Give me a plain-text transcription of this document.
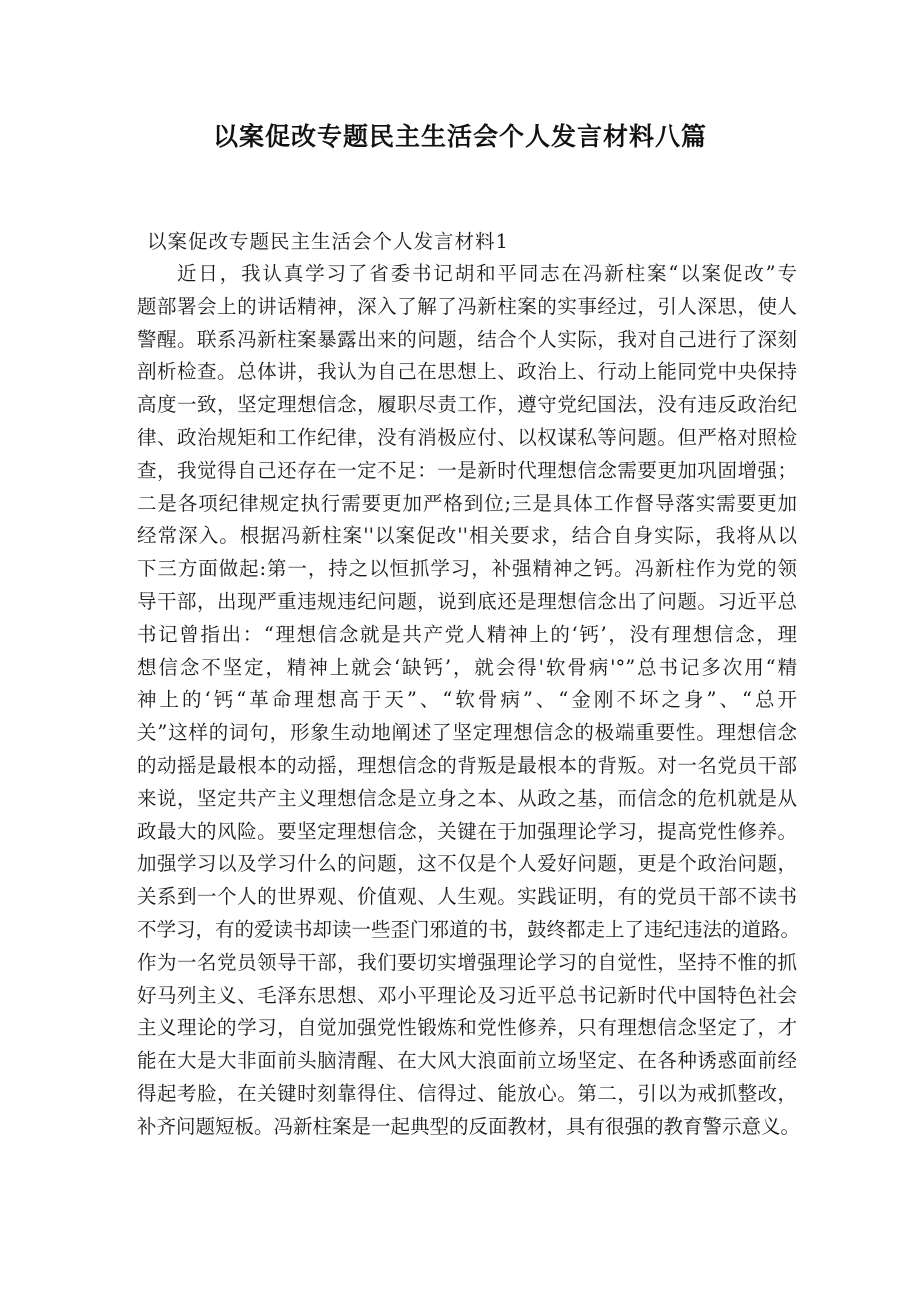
以案促改专题民主生活会个人发言材料八篇

以案促改专题民主生活会个人发言材料1

近日，我认真学习了省委书记胡和平同志在冯新柱案“以案促改”专
题部署会上的讲话精神，深入了解了冯新柱案的实事经过，引人深思，使人
警醒。联系冯新柱案暴露出来的问题，结合个人实际，我对自己进行了深刻
剖析检查。总体讲，我认为自己在思想上、政治上、行动上能同党中央保持
高度一致，坚定理想信念，履职尽责工作，遵守党纪国法，没有违反政治纪
律、政治规矩和工作纪律，没有消极应付、以权谋私等问题。但严格对照检
查，我觉得自己还存在一定不足：一是新时代理想信念需要更加巩固增强；
二是各项纪律规定执行需要更加严格到位;三是具体工作督导落实需要更加
经常深入。根据冯新柱案''以案促改''相关要求，结合自身实际，我将从以
下三方面做起:第一，持之以恒抓学习，补强精神之钙。冯新柱作为党的领
导干部，出现严重违规违纪问题，说到底还是理想信念出了问题。习近平总
书记曾指出：“理想信念就是共产党人精神上的‘钙’，没有理想信念，理
想信念不坚定，精神上就会‘缺钙’，就会得'软骨病'°”总书记多次用“精
神上的‘钙“革命理想高于天”、“软骨病”、“金刚不坏之身”、“总开
关”这样的词句，形象生动地阐述了坚定理想信念的极端重要性。理想信念
的动摇是最根本的动摇，理想信念的背叛是最根本的背叛。对一名党员干部
来说，坚定共产主义理想信念是立身之本、从政之基，而信念的危机就是从
政最大的风险。要坚定理想信念，关键在于加强理论学习，提高党性修养。
加强学习以及学习什么的问题，这不仅是个人爱好问题，更是个政治问题，
关系到一个人的世界观、价值观、人生观。实践证明，有的党员干部不读书
不学习，有的爱读书却读一些歪门邪道的书，鼓终都走上了违纪违法的道路。
作为一名党员领导干部，我们要切实增强理论学习的自觉性，坚持不惟的抓
好马列主义、毛泽东思想、邓小平理论及习近平总书记新时代中国特色社会
主义理论的学习，自觉加强党性锻炼和党性修养，只有理想信念坚定了，才
能在大是大非面前头脑清醒、在大风大浪面前立场坚定、在各种诱惑面前经
得起考脸，在关键时刻靠得住、信得过、能放心。第二，引以为戒抓整改，
补齐问题短板。冯新柱案是一起典型的反面教材，具有很强的教育警示意义。
